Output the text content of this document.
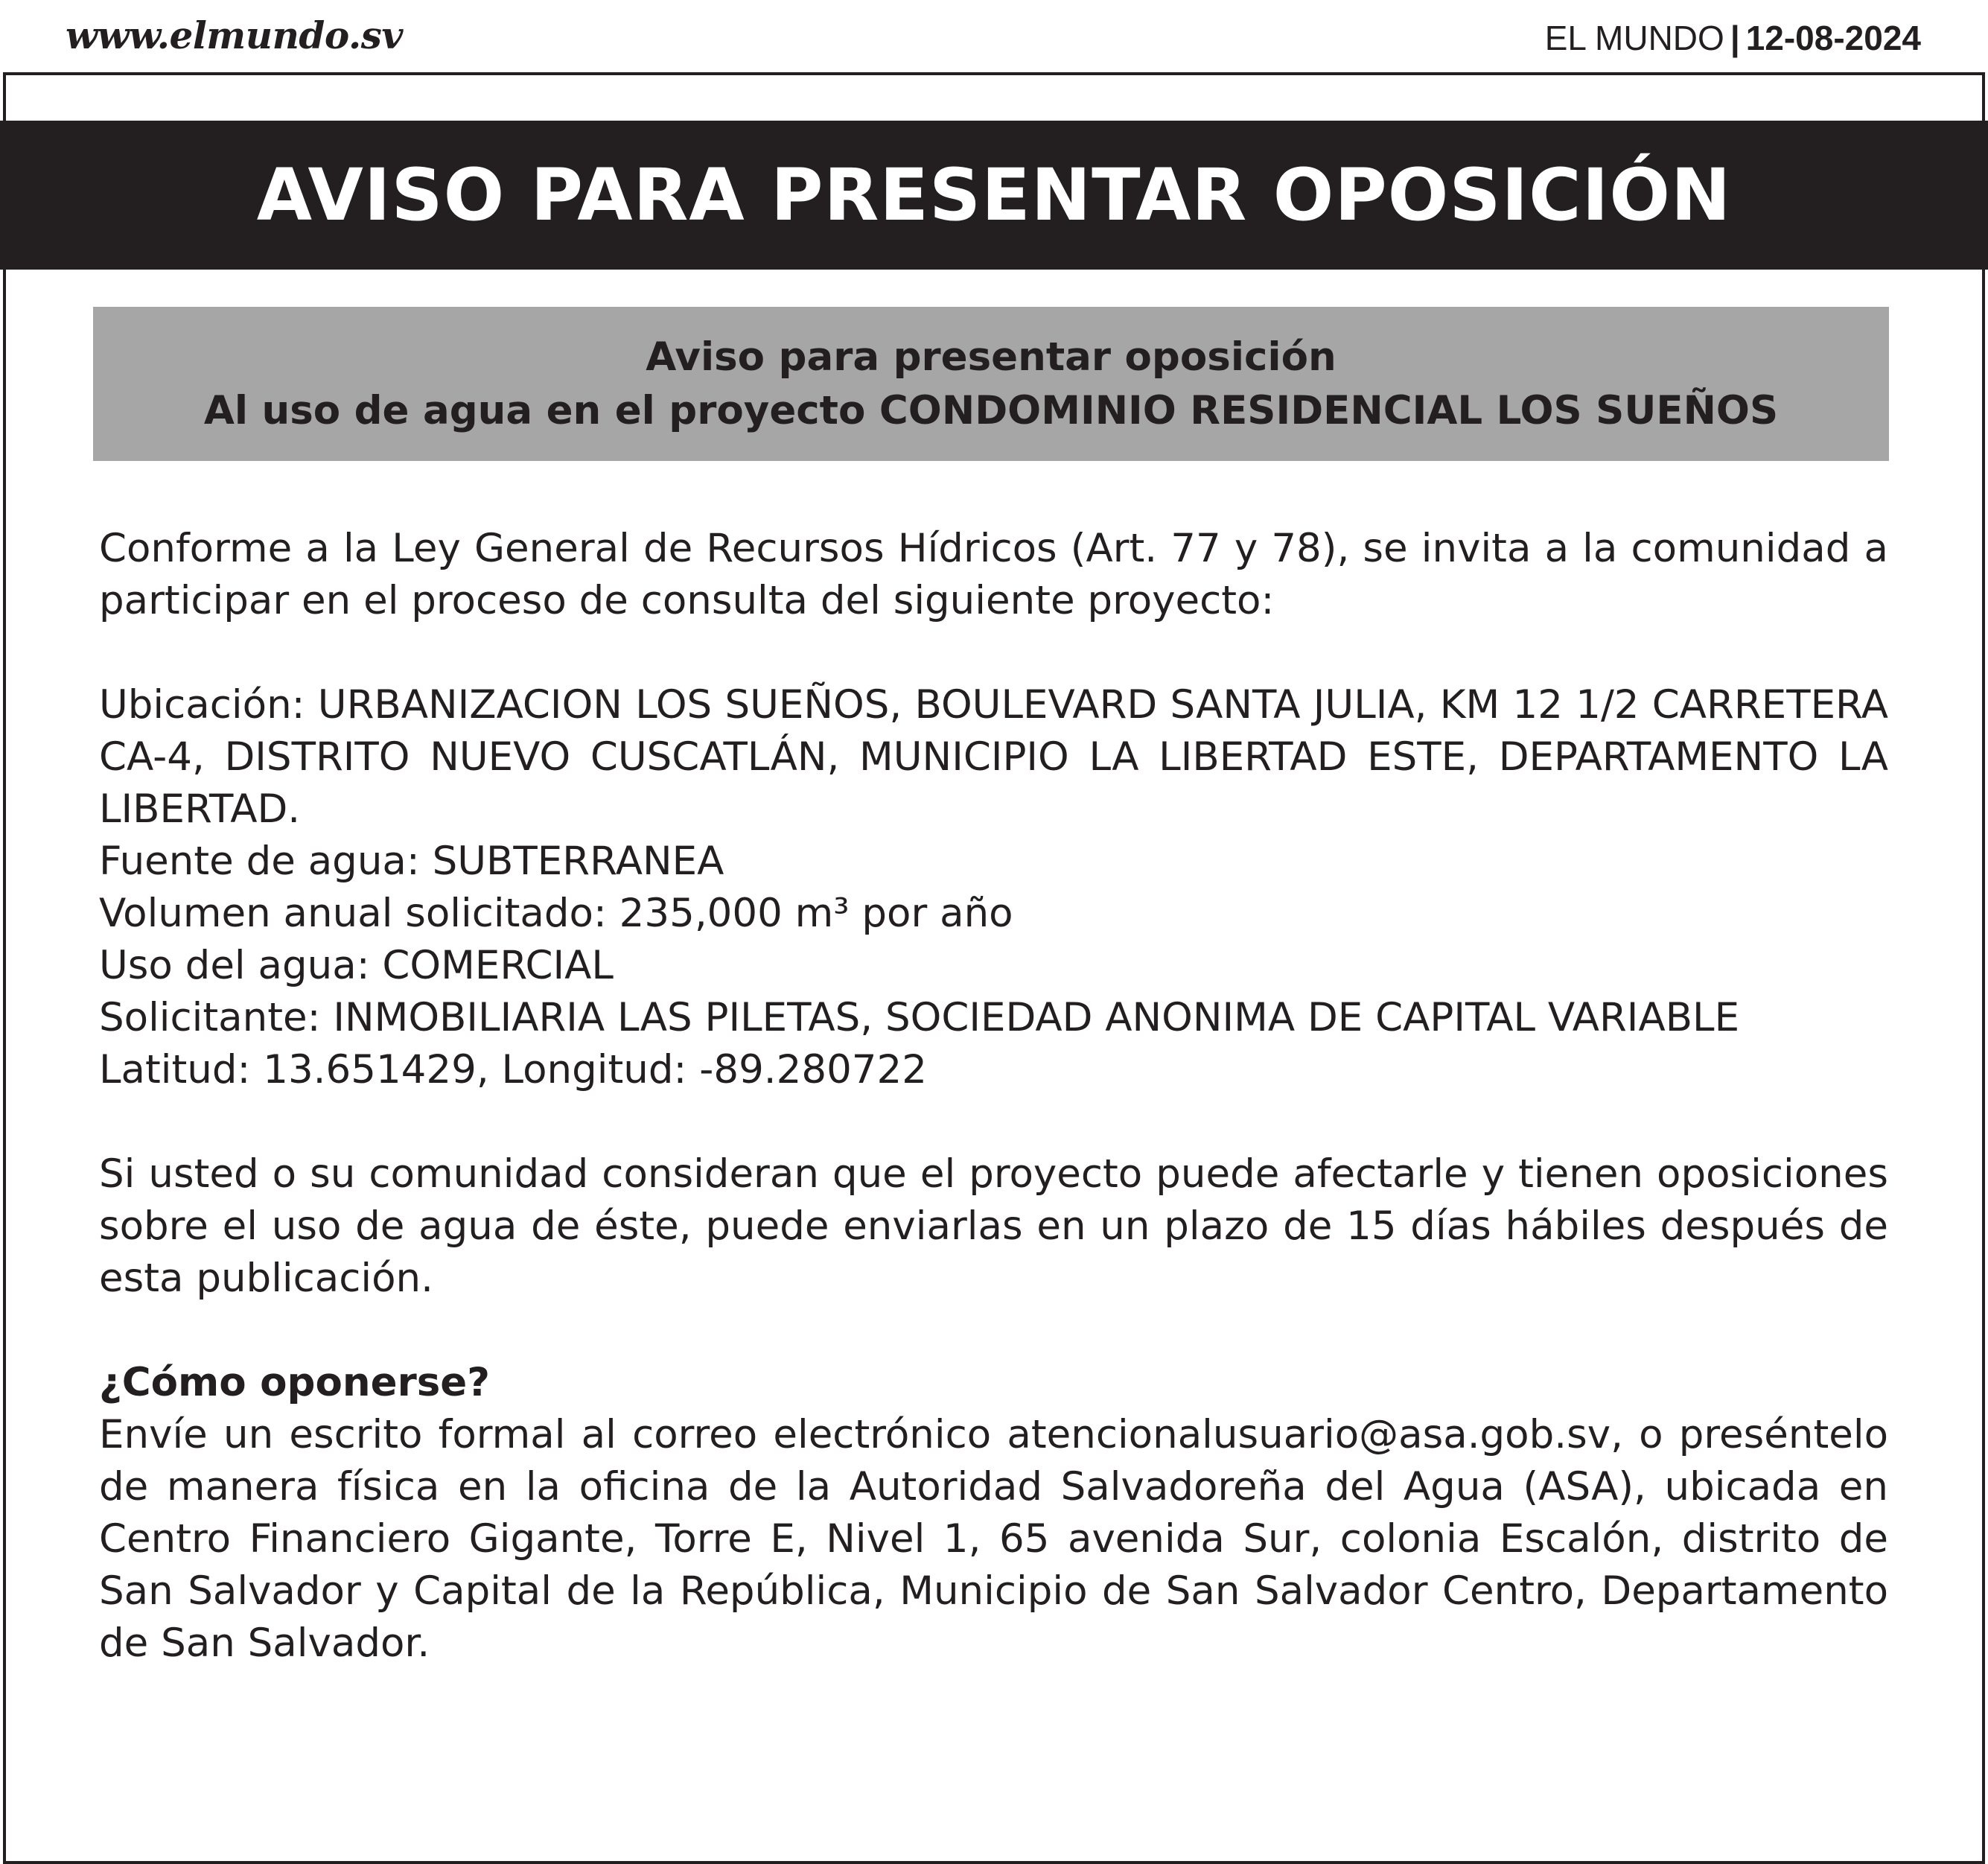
www.elmundo.sv	EL MUNDO | 12-08-2024
AVISO PARA PRESENTAR OPOSICIÓN
Aviso para presentar oposición
Al uso de agua en el proyecto CONDOMINIO RESIDENCIAL LOS SUEÑOS

Conforme a la Ley General de Recursos Hídricos (Art. 77 y 78), se invita a la comunidad a participar en el proceso de consulta del siguiente proyecto:

Ubicación: URBANIZACION LOS SUEÑOS, BOULEVARD SANTA JULIA, KM 12 1/2 CARRETERA CA-4, DISTRITO NUEVO CUSCATLÁN, MUNICIPIO LA LIBERTAD ESTE, DEPARTAMENTO LA LIBERTAD.

Fuente de agua: SUBTERRANEA
Volumen anual solicitado: 235,000 m³ por año
Uso del agua: COMERCIAL

Solicitante: INMOBILIARIA LAS PILETAS, SOCIEDAD ANONIMA DE CAPITAL VARIABLE

Latitud: 13.651429, Longitud: -89.280722

Si usted o su comunidad consideran que el proyecto puede afectarle y tienen oposiciones sobre el uso de agua de éste, puede enviarlas en un plazo de 15 días hábiles después de esta publicación.

¿Cómo oponerse?

Envíe un escrito formal al correo electrónico atencionalusuario@asa.gob.sv, o preséntelo de manera física en la oficina de la Autoridad Salvadoreña del Agua (ASA), ubicada en Centro Financiero Gigante, Torre E, Nivel 1, 65 avenida Sur, colonia Escalón, distrito de San Salvador y Capital de la República, Municipio de San Salvador Centro, Departamento de San Salvador.
